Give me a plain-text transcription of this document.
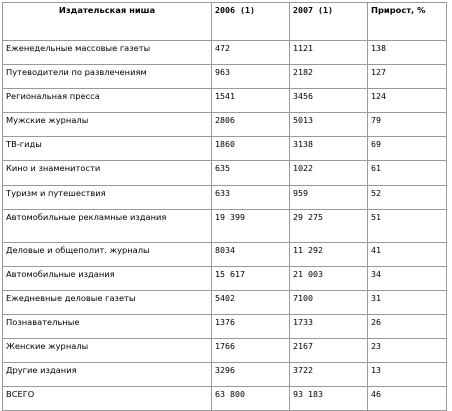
Издательская ниша	2006 (1)	2007 (1)	Прирост, %
Еженедельные массовые газеты	472	1121	138
Путеводители по развлечениям	963	2182	127
Региональная пресса	1541	3456	124
Мужские журналы	2806	5013	79
ТВ-гиды	1860	3138	69
Кино и знаменитости	635	1022	61
Туризм и путешествия	633	959	52
Автомобильные рекламные издания	19 399	29 275	51
Деловые и общеполит. журналы	8034	11 292	41
Автомобильные издания	15 617	21 003	34
Ежедневные деловые газеты	5402	7100	31
Познавательные	1376	1733	26
Женские журналы	1766	2167	23
Другие издания	3296	3722	13
ВСЕГО	63 800	93 183	46
